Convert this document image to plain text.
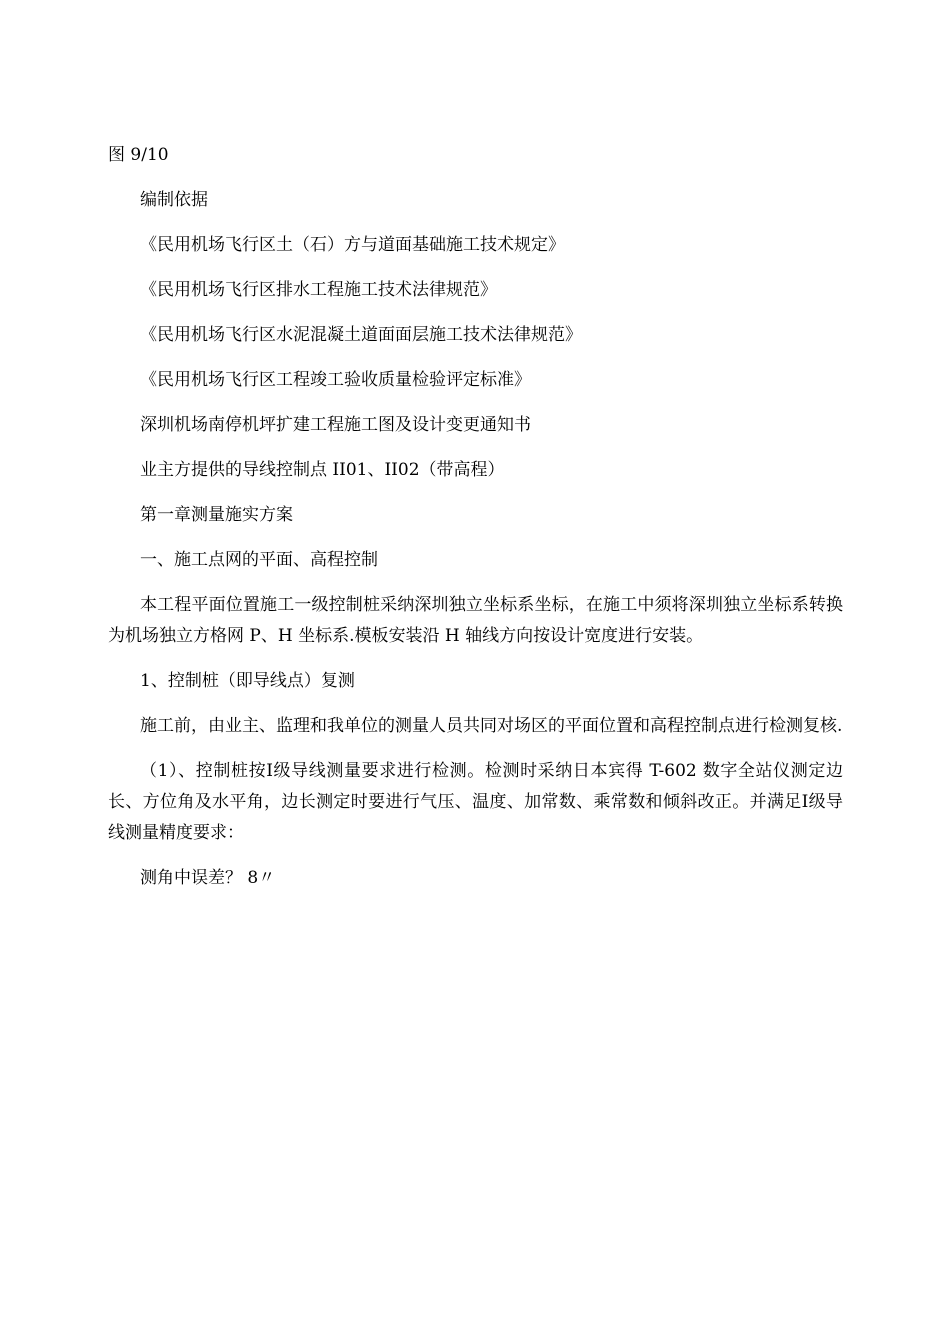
图 9/10

编制依据

《民用机场飞行区土（石）方与道面基础施工技术规定》

《民用机场飞行区排水工程施工技术法律规范》

《民用机场飞行区水泥混凝土道面面层施工技术法律规范》

《民用机场飞行区工程竣工验收质量检验评定标准》

深圳机场南停机坪扩建工程施工图及设计变更通知书

业主方提供的导线控制点 II01、II02（带高程）

第一章测量施实方案

一、施工点网的平面、高程控制

本工程平面位置施工一级控制桩采纳深圳独立坐标系坐标，在施工中须将深圳独立坐标系转换为机场独立方格网 P、H 坐标系.模板安装沿 H 轴线方向按设计宽度进行安装。

1、控制桩（即导线点）复测

施工前，由业主、监理和我单位的测量人员共同对场区的平面位置和高程控制点进行检测复核.

（1）、控制桩按Ⅰ级导线测量要求进行检测。检测时采纳日本宾得 T-602 数字全站仪测定边长、方位角及水平角，边长测定时要进行气压、温度、加常数、乘常数和倾斜改正。并满足Ⅰ级导线测量精度要求：

测角中误差？ 8〃
